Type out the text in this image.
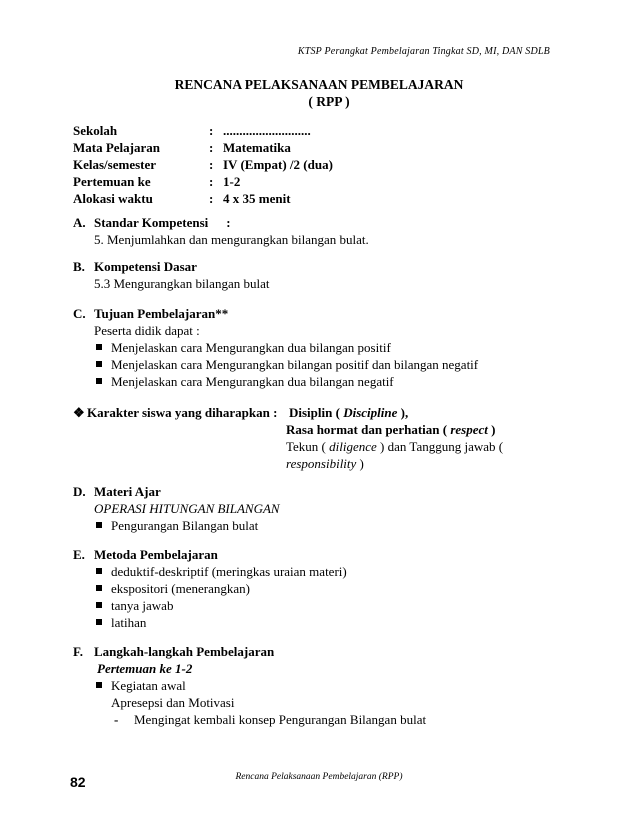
KTSP Perangkat Pembelajaran Tingkat SD, MI, DAN SDLB
RENCANA PELAKSANAAN PEMBELAJARAN
( RPP )
Sekolah	: ...........................
Mata Pelajaran	: Matematika
Kelas/semester	: IV (Empat) /2 (dua)
Pertemuan ke	: 1-2
Alokasi waktu	: 4 x 35 menit
A. Standar Kompetensi :
5. Menjumlahkan dan mengurangkan bilangan bulat.
B. Kompetensi Dasar
5.3 Mengurangkan bilangan bulat
C. Tujuan Pembelajaran**
Peserta didik dapat :
Menjelaskan cara Mengurangkan dua bilangan positif
Menjelaskan cara Mengurangkan bilangan positif dan bilangan negatif
Menjelaskan cara Mengurangkan dua bilangan negatif
❖ Karakter siswa yang diharapkan : Disiplin ( Discipline ),
Rasa hormat dan perhatian ( respect )
Tekun ( diligence ) dan Tanggung jawab (
responsibility )
D. Materi Ajar
OPERASI HITUNGAN BILANGAN
Pengurangan Bilangan bulat
E. Metoda Pembelajaran
deduktif-deskriptif (meringkas uraian materi)
ekspositori (menerangkan)
tanya jawab
latihan
F. Langkah-langkah Pembelajaran
Pertemuan ke 1-2
Kegiatan awal
Apresepsi dan Motivasi
- Mengingat kembali konsep Pengurangan Bilangan bulat
82	Rencana Pelaksanaan Pembelajaran (RPP)
